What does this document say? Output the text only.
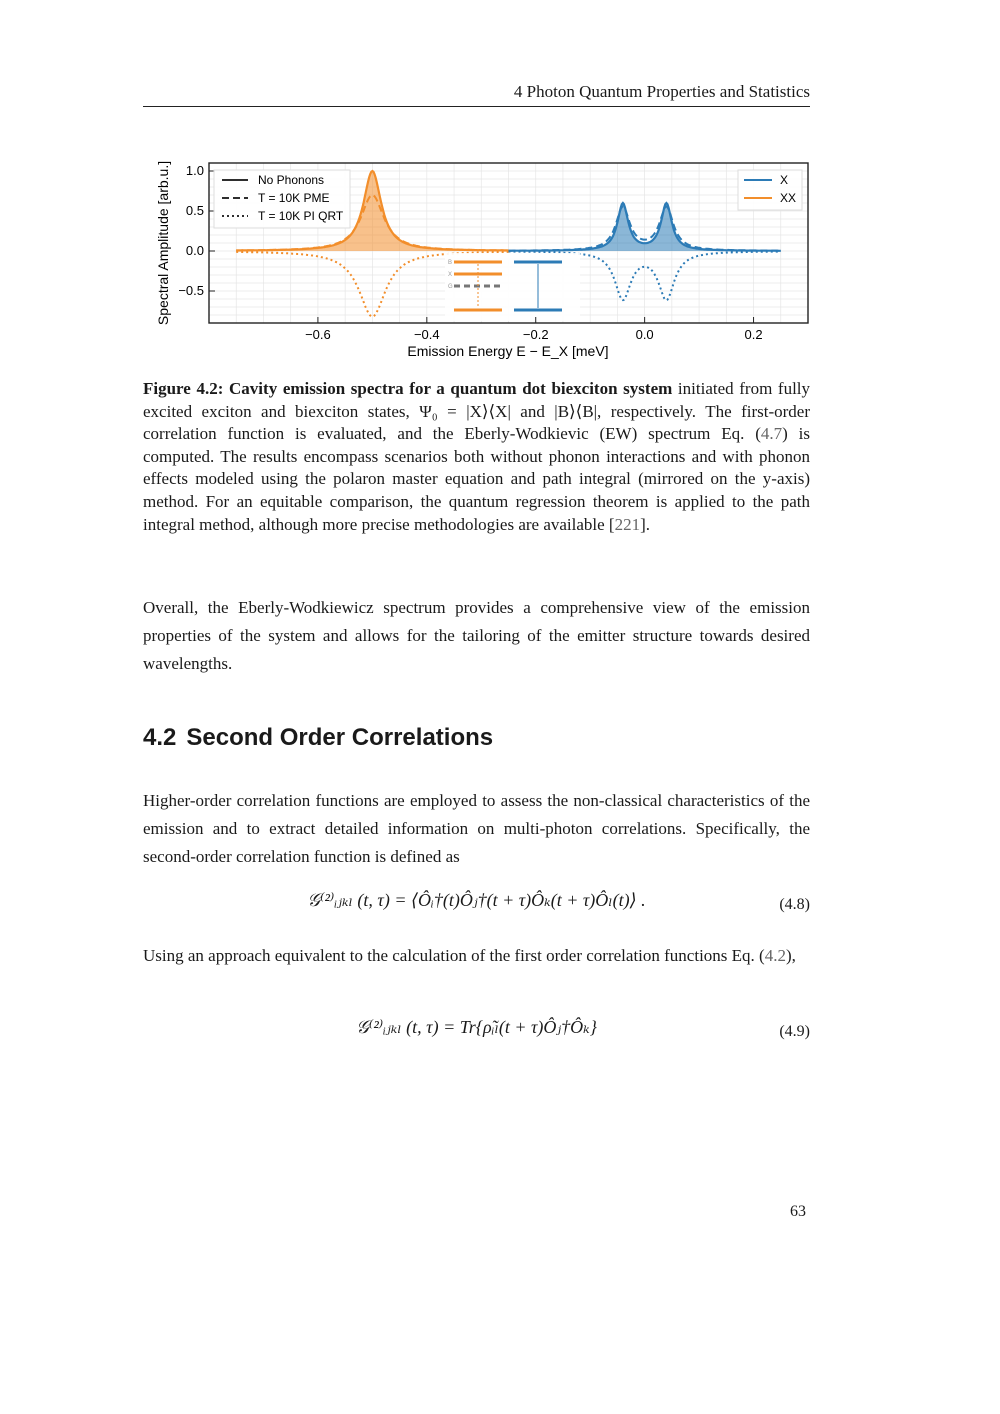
4 Photon Quantum Properties and Statistics
B
X
G
−0.6	−0.4	−0.2	0.0	0.2
1.0
0.5
0.0
−0.5
Emission Energy E − E_X [meV]
Spectral Amplitude [arb.u.]	No Phonons
T = 10K PME
T = 10K PI QRT
X
XX
Figure 4.2: Cavity emission spectra for a quantum dot biexciton system initiated from fully excited exciton and biexciton states, Ψ₀ = |X⟩⟨X| and |B⟩⟨B|, respectively. The first-order correlation function is evaluated, and the Eberly-Wodkievic (EW) spectrum Eq. (4.7) is computed. The results encompass scenarios both without phonon interactions and with phonon effects modeled using the polaron master equation and path integral (mirrored on the y-axis) method. For an equitable comparison, the quantum regression theorem is applied to the path integral method, although more precise methodologies are available [221].

Overall, the Eberly-Wodkiewicz spectrum provides a comprehensive view of the emission properties of the system and allows for the tailoring of the emitter structure towards desired wavelengths.

4.2 Second Order Correlations

Higher-order correlation functions are employed to assess the non-classical characteristics of the emission and to extract detailed information on multi-photon correlations. Specifically, the second-order correlation function is defined as

𝒢⁽²⁾ᵢⱼₖₗ (t, τ) = ⟨Ôᵢ†(t)Ôⱼ†(t + τ)Ôₖ(t + τ)Ôₗ(t)⟩ .	(4.8)

Using an approach equivalent to the calculation of the first order correlation functions Eq. (4.2),

𝒢⁽²⁾ᵢⱼₖₗ (t, τ) = Tr{ρ̃ᵢₗ(t + τ)Ôⱼ†Ôₖ}	(4.9)
63
